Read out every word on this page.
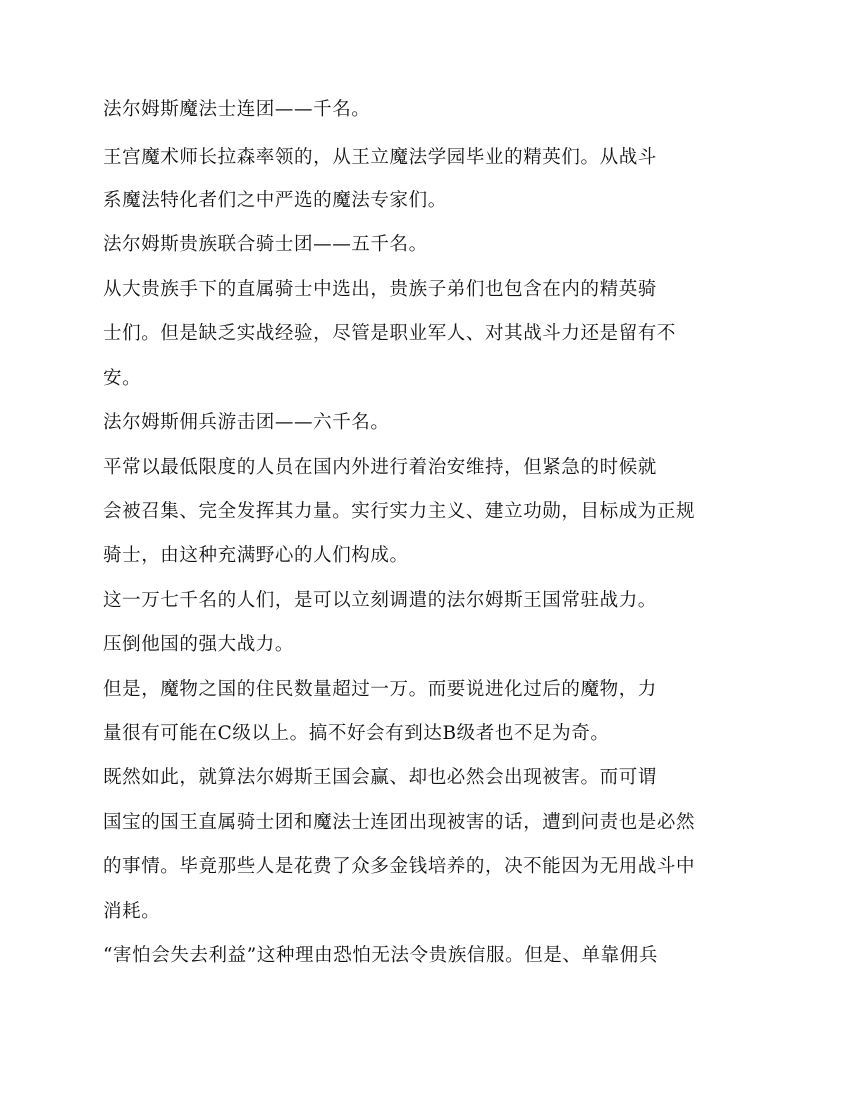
法尔姆斯魔法士连团——千名。
王宫魔术师长拉森率领的，从王立魔法学园毕业的精英们。从战斗
系魔法特化者们之中严选的魔法专家们。
法尔姆斯贵族联合骑士团——五千名。
从大贵族手下的直属骑士中选出，贵族子弟们也包含在内的精英骑
士们。但是缺乏实战经验，尽管是职业军人、对其战斗力还是留有不
安。
法尔姆斯佣兵游击团——六千名。
平常以最低限度的人员在国内外进行着治安维持，但紧急的时候就
会被召集、完全发挥其力量。实行实力主义、建立功勋，目标成为正规
骑士，由这种充满野心的人们构成。
这一万七千名的人们，是可以立刻调遣的法尔姆斯王国常驻战力。
压倒他国的强大战力。
但是，魔物之国的住民数量超过一万。而要说进化过后的魔物，力
量很有可能在C级以上。搞不好会有到达B级者也不足为奇。
既然如此，就算法尔姆斯王国会赢、却也必然会出现被害。而可谓
国宝的国王直属骑士团和魔法士连团出现被害的话，遭到问责也是必然
的事情。毕竟那些人是花费了众多金钱培养的，决不能因为无用战斗中
消耗。
“害怕会失去利益”这种理由恐怕无法令贵族信服。但是、单靠佣兵
